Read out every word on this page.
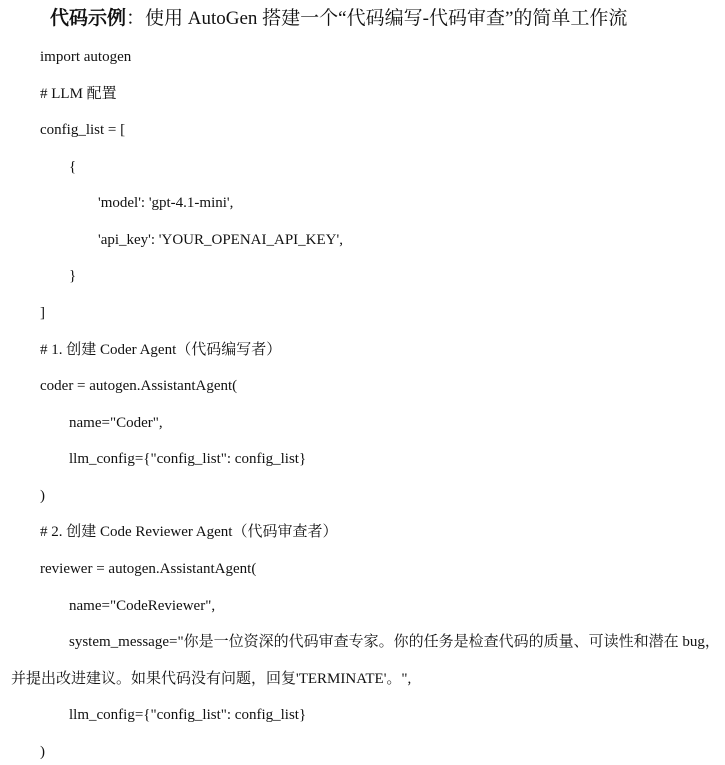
代码示例：使用 AutoGen 搭建一个“代码编写-代码审查”的简单工作流
import autogen
# LLM 配置
config_list = [
{
'model': 'gpt-4.1-mini',
'api_key': 'YOUR_OPENAI_API_KEY',
}
]
# 1. 创建 Coder Agent（代码编写者）
coder = autogen.AssistantAgent(
name="Coder",
llm_config={"config_list": config_list}
)
# 2. 创建 Code Reviewer Agent（代码审查者）
reviewer = autogen.AssistantAgent(
name="CodeReviewer",
system_message="你是一位资深的代码审查专家。你的任务是检查代码的质量、可读性和潜在 bug，
并提出改进建议。如果代码没有问题，回复'TERMINATE'。",
llm_config={"config_list": config_list}
)
